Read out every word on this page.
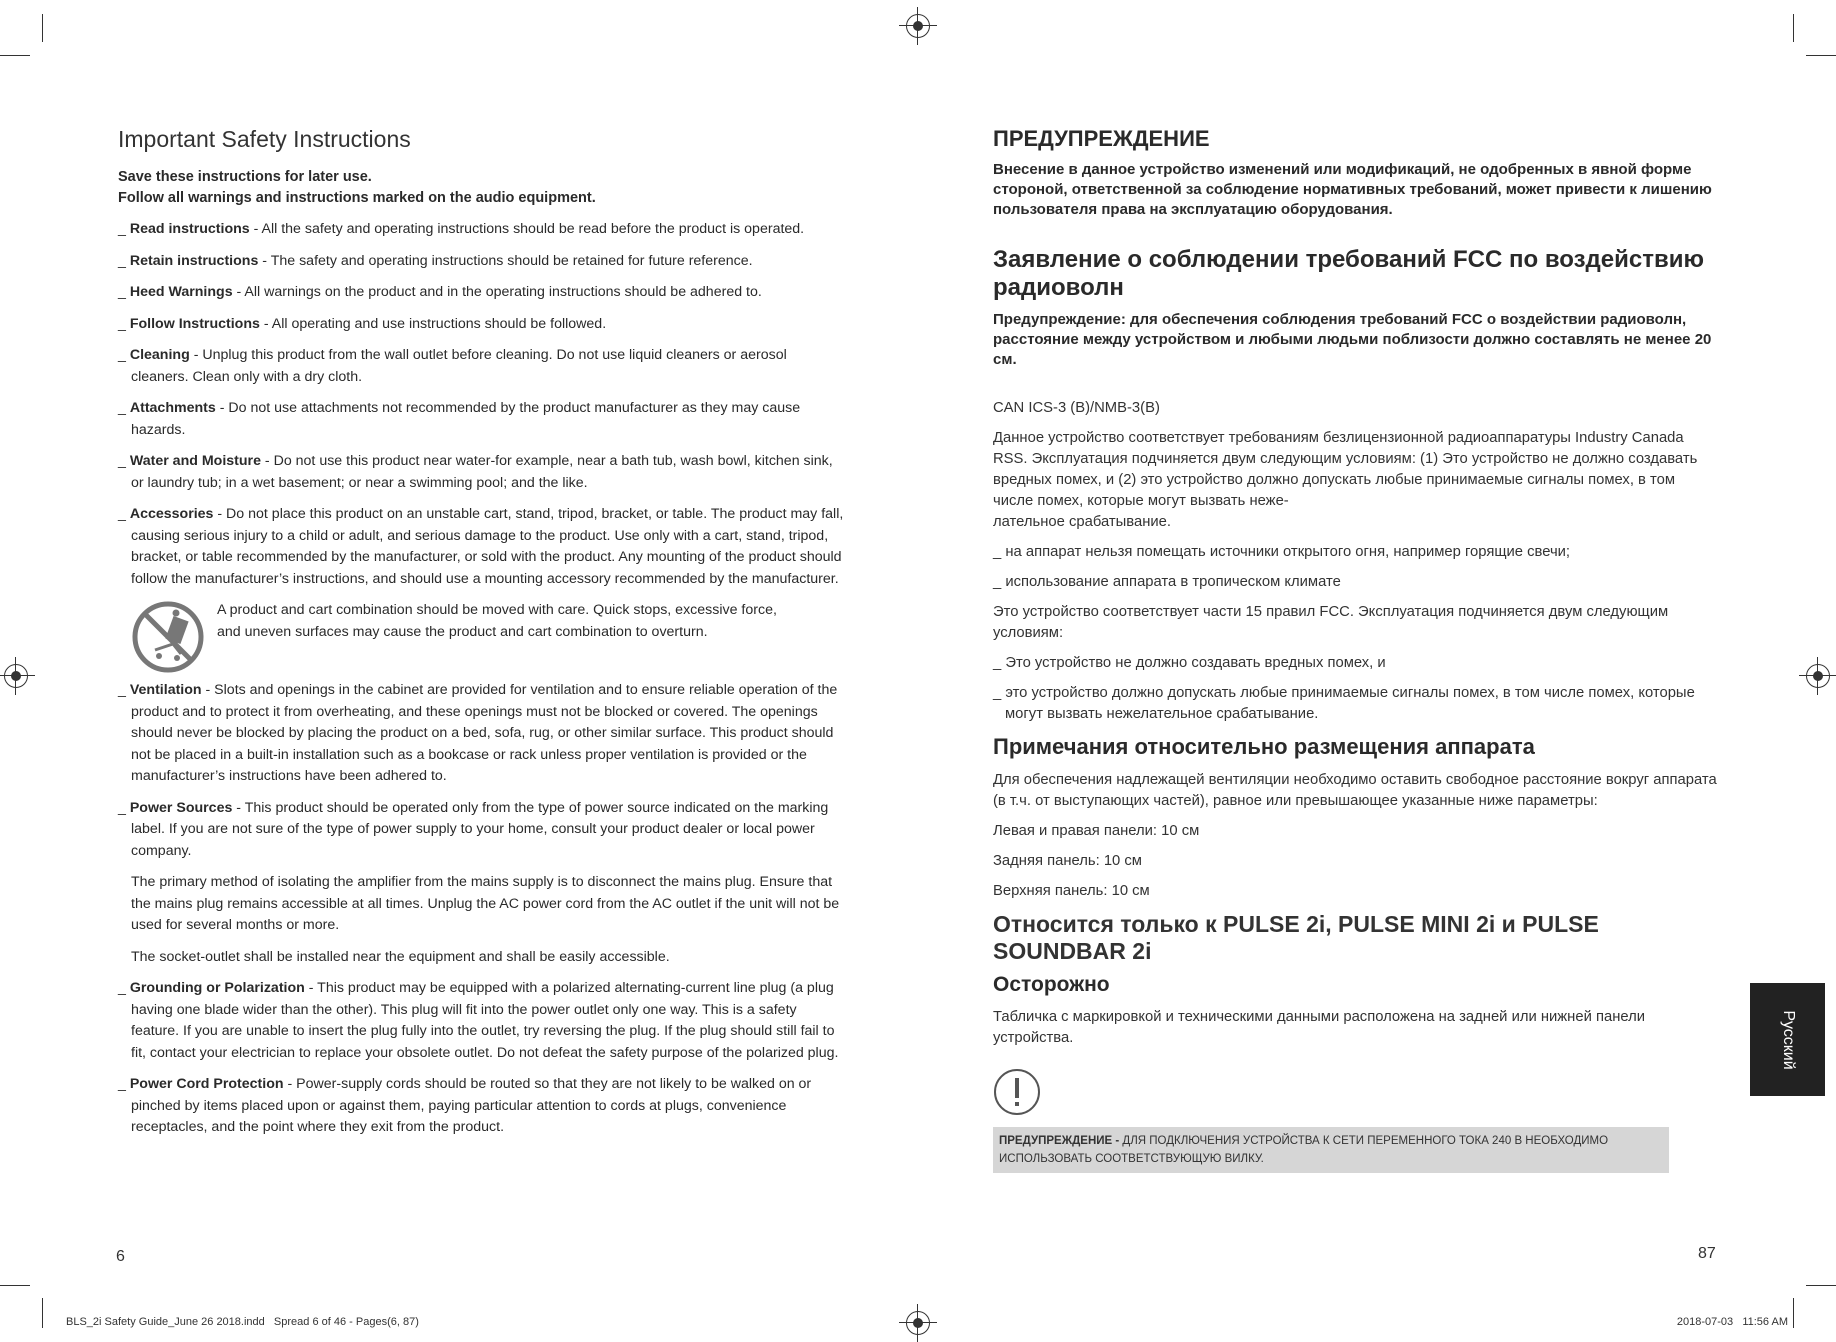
Important Safety Instructions
Save these instructions for later use.
Follow all warnings and instructions marked on the audio equipment.
_ Read instructions - All the safety and operating instructions should be read before the product is operated.
_ Retain instructions - The safety and operating instructions should be retained for future reference.
_ Heed Warnings - All warnings on the product and in the operating instructions should be adhered to.
_ Follow Instructions - All operating and use instructions should be followed.
_ Cleaning - Unplug this product from the wall outlet before cleaning. Do not use liquid cleaners or aerosol cleaners. Clean only with a dry cloth.
_ Attachments - Do not use attachments not recommended by the product manufacturer as they may cause hazards.
_ Water and Moisture - Do not use this product near water-for example, near a bath tub, wash bowl, kitchen sink, or laundry tub; in a wet basement; or near a swimming pool; and the like.
_ Accessories - Do not place this product on an unstable cart, stand, tripod, bracket, or table. The product may fall, causing serious injury to a child or adult, and serious damage to the product. Use only with a cart, stand, tripod, bracket, or table recommended by the manufacturer, or sold with the product. Any mounting of the product should follow the manufacturer’s instructions, and should use a mounting accessory recommended by the manufacturer.
A product and cart combination should be moved with care. Quick stops, excessive force, and uneven surfaces may cause the product and cart combination to overturn.
_ Ventilation - Slots and openings in the cabinet are provided for ventilation and to ensure reliable operation of the product and to protect it from overheating, and these openings must not be blocked or covered. The openings should never be blocked by placing the product on a bed, sofa, rug, or other similar surface. This product should not be placed in a built-in installation such as a bookcase or rack unless proper ventilation is provided or the manufacturer’s instructions have been adhered to.
_ Power Sources - This product should be operated only from the type of power source indicated on the marking label. If you are not sure of the type of power supply to your home, consult your product dealer or local power company.
The primary method of isolating the amplifier from the mains supply is to disconnect the mains plug. Ensure that the mains plug remains accessible at all times. Unplug the AC power cord from the AC outlet if the unit will not be used for several months or more.
The socket-outlet shall be installed near the equipment and shall be easily accessible.
_ Grounding or Polarization - This product may be equipped with a polarized alternating-current line plug (a plug having one blade wider than the other). This plug will fit into the power outlet only one way. This is a safety feature. If you are unable to insert the plug fully into the outlet, try reversing the plug. If the plug should still fail to fit, contact your electrician to replace your obsolete outlet. Do not defeat the safety purpose of the polarized plug.
_ Power Cord Protection - Power-supply cords should be routed so that they are not likely to be walked on or pinched by items placed upon or against them, paying particular attention to cords at plugs, convenience receptacles, and the point where they exit from the product.
6
ПРЕДУПРЕЖДЕНИЕ
Внесение в данное устройство изменений или модификаций, не одобренных в явной форме стороной, ответственной за соблюдение нормативных требований, может привести к лишению пользователя права на эксплуатацию оборудования.
Заявление о соблюдении требований FCC по воздействию радиоволн
Предупреждение: для обеспечения соблюдения требований FCC о воздействии радиоволн, расстояние между устройством и любыми людьми поблизости должно составлять не менее 20 см.
CAN ICS-3 (B)/NMB-3(B)
Данное устройство соответствует требованиям безлицензионной радиоаппаратуры Industry Canada RSS. Эксплуатация подчиняется двум следующим условиям: (1) Это устройство не должно создавать вредных помех, и (2) это устройство должно допускать любые принимаемые сигналы помех, в том числе помех, которые могут вызвать неже-
лательное срабатывание.
_ на аппарат нельзя помещать источники открытого огня, например горящие свечи;
_ использование аппарата в тропическом климате
Это устройство соответствует части 15 правил FCC. Эксплуатация подчиняется двум следующим условиям:
_ Это устройство не должно создавать вредных помех, и
_ это устройство должно допускать любые принимаемые сигналы помех, в том числе помех, которые могут вызвать нежелательное срабатывание.
Примечания относительно размещения аппарата
Для обеспечения надлежащей вентиляции необходимо оставить свободное расстояние вокруг аппарата (в т.ч. от выступающих частей), равное или превышающее указанные ниже параметры:
Левая и правая панели: 10 см
Задняя панель: 10 см
Верхняя панель: 10 см
Относится только к PULSE 2i, PULSE MINI 2i и PULSE SOUNDBAR 2i
Осторожно
Табличка с маркировкой и техническими данными расположена на задней или нижней панели устройства.
ПРЕДУПРЕЖДЕНИЕ - ДЛЯ ПОДКЛЮЧЕНИЯ УСТРОЙСТВА К СЕТИ ПЕРЕМЕННОГО ТОКА 240 В НЕОБХОДИМО ИСПОЛЬЗОВАТЬ СООТВЕТСТВУЮЩУЮ ВИЛКУ.
87
Русский
BLS_2i Safety Guide_June 26 2018.indd   Spread 6 of 46 - Pages(6, 87)	2018-07-03   11:56 AM
